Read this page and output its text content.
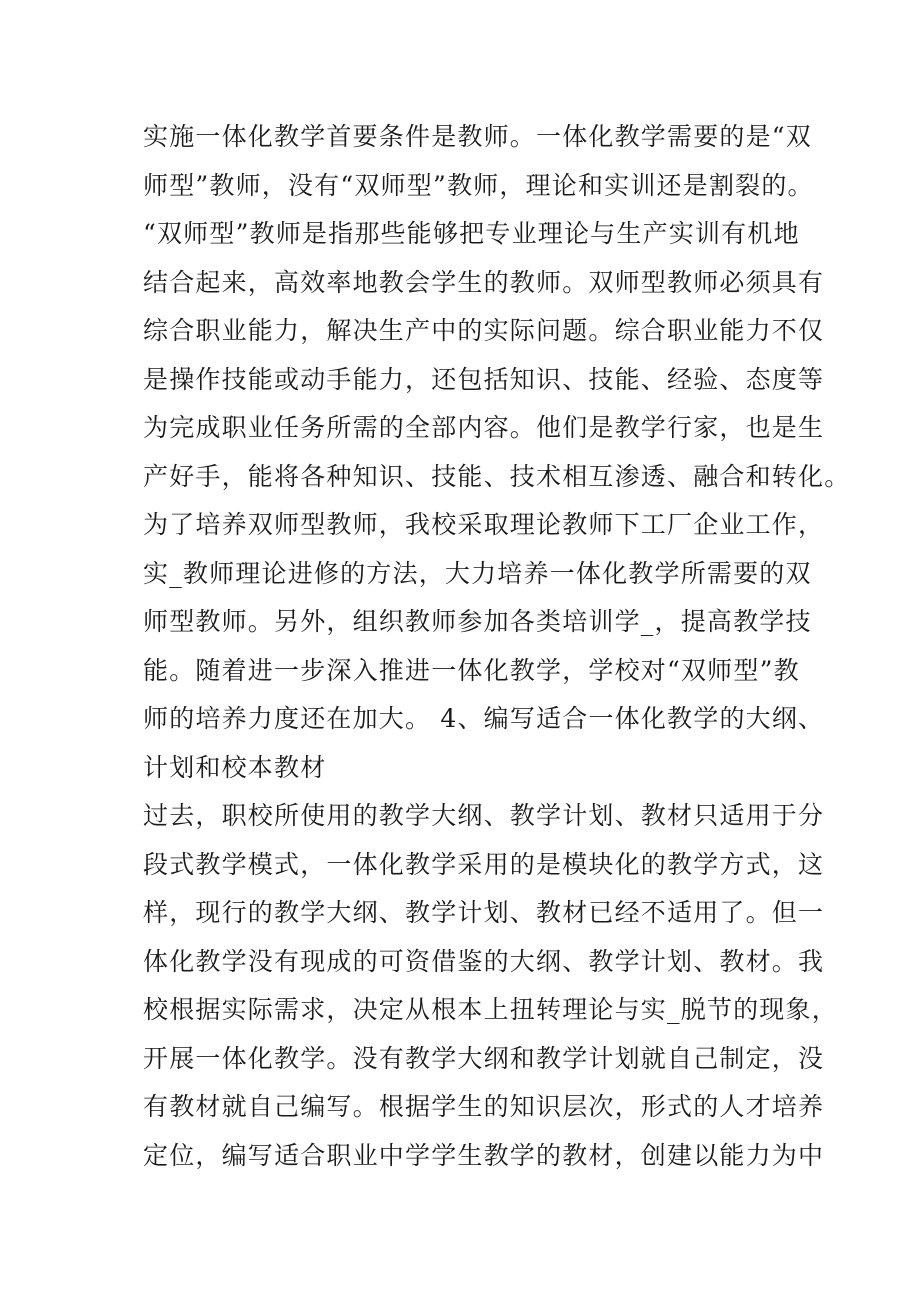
实施一体化教学首要条件是教师。一体化教学需要的是“双
师型”教师，没有“双师型”教师，理论和实训还是割裂的。
“双师型”教师是指那些能够把专业理论与生产实训有机地
结合起来，高效率地教会学生的教师。双师型教师必须具有
综合职业能力，解决生产中的实际问题。综合职业能力不仅
是操作技能或动手能力，还包括知识、技能、经验、态度等
为完成职业任务所需的全部内容。他们是教学行家，也是生
产好手，能将各种知识、技能、技术相互渗透、融合和转化。
为了培养双师型教师，我校采取理论教师下工厂企业工作，
实_教师理论进修的方法，大力培养一体化教学所需要的双
师型教师。另外，组织教师参加各类培训学_，提高教学技
能。随着进一步深入推进一体化教学，学校对“双师型”教
师的培养力度还在加大。 4、编写适合一体化教学的大纲、
计划和校本教材
过去，职校所使用的教学大纲、教学计划、教材只适用于分
段式教学模式，一体化教学采用的是模块化的教学方式，这
样，现行的教学大纲、教学计划、教材已经不适用了。但一
体化教学没有现成的可资借鉴的大纲、教学计划、教材。我
校根据实际需求，决定从根本上扭转理论与实_脱节的现象，
开展一体化教学。没有教学大纲和教学计划就自己制定，没
有教材就自己编写。根据学生的知识层次，形式的人才培养
定位，编写适合职业中学学生教学的教材，创建以能力为中
